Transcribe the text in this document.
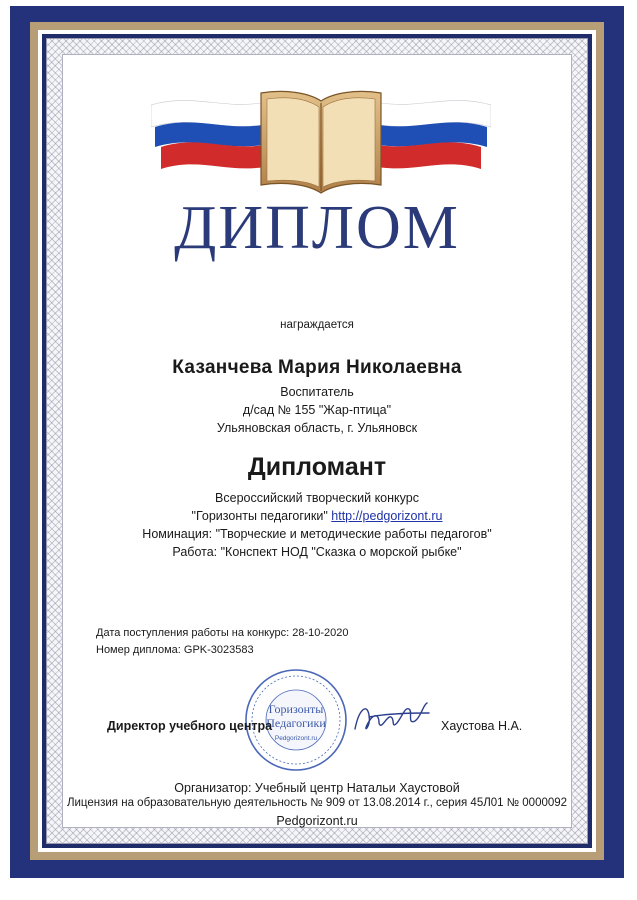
ДИПЛОМ
награждается
Казанчева Мария Николаевна
Воспитатель
д/сад № 155 "Жар-птица"
Ульяновская область, г. Ульяновск
Дипломант
Всероссийский творческий конкурс
"Горизонты педагогики" http://pedgorizont.ru
Номинация: "Творческие и методические работы педагогов"
Работа: "Конспект НОД "Сказка о морской рыбке"
Дата поступления работы на конкурс: 28-10-2020
Номер диплома: GPK-3023583
Горизонты
Педагогики
Pedgorizont.ru
Директор учебного центра	Хаустова Н.А.
Организатор: Учебный центр Натальи Хаустовой
Лицензия на образовательную деятельность № 909 от 13.08.2014 г., серия 45Л01 № 0000092
Pedgorizont.ru
